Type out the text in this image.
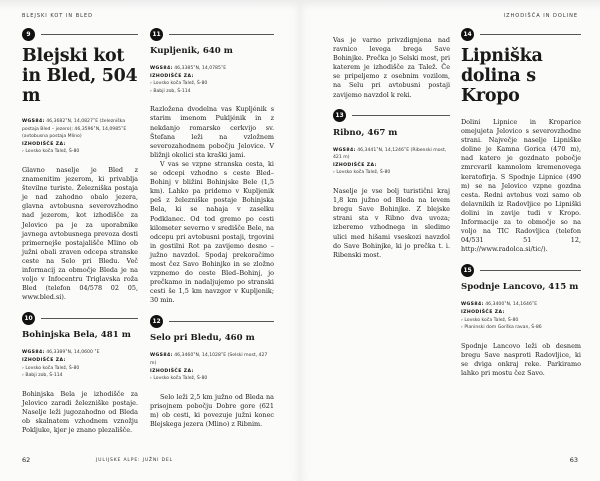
BLEJSKI KOT IN BLED	IZHODIŠČA IN DOLINE
9
Blejski kot in Bled, 504 m
WGS84: 46,3682˚N, 14,0827˚E (železniška postaja Bled – jezero); 46,3596˚N, 14,0985˚E (avtobusna postaja Mlino)
IZHODIŠČE ZA:
› Lovsko koča Talež, Š-80

Glavno naselje je Bled z znamenitim jezerom, ki privablja številne turiste. Železniška postaja je nad zahodno obalo jezera, glavna avtobusna severovzhodno nad jezerom, kot izhodišče za Jelovico pa je za uporabnike javnega avtobusnega prevoza dosti primernejše postajališče Mlino ob južni obali zraven odcepa stranske ceste na Selo pri Bledu. Več informacij za območje Bleda je na voljo v Infocentru Triglavska roža Bled (telefon 04/578 02 05, www.bled.si).

10
Bohinjska Bela, 481 m
WGS84: 46,3389˚N, 14,0600 ˚E
IZHODIŠČE ZA:
› Lovsko koča Talež, Š-80
› Babji zob, Š-114

Bohinjska Bela je izhodišče za Jelovico zaradi železniške postaje. Naselje leži jugozahodno od Bleda ob skalnatem vzhodnem vznožju Pokljuke, kjer je znano plezališče.

11
Kupljenik, 640 m
WGS84: 46,3385˚N, 14,0785˚E
IZHODIŠČE ZA:
› Lovsko koča Talež, Š-80
› Babji zob, Š-114

Razložena dvodelna vas Kupljénik s starim imenom Pukljénik in z nekdanjo romarsko cerkvijo sv. Štefana leži na vzložnem severozahodnem pobočju Jelovice. V bližnji okolici sta kraški jami.

V vas se vzpne stranska cesta, ki se odcepi vzhodno s ceste Bled–Bohinj v bližini Bohinjske Bele (1,5 km). Lahko pa pridemo v Kupljenik peš z železniške postaje Bohinjska Bela, ki se nahaja v zaselku Podklanec. Od tod gremo po cesti kilometer severno v središče Bele, na odcepu pri avtobusni postaji, trgovini in gostilni Rot pa zavijemo desno – južno navzdol. Spodaj prekoračimo most čez Savo Bohinjko in se zložno vzpnemo do ceste Bled–Bohinj, jo prečkamo in nadaljujemo po stranski cesti še 1,5 km navzgor v Kupljenik; 30 min.

12
Selo pri Bledu, 460 m
WGS84: 46,3460˚N, 14,1028˚E (Selski most, 427 m)
IZHODIŠČE ZA:
› Lovsko koča Talež, Š-80

Selo leži 2,5 km južno od Bleda na prisojnem pobočju Dobre gore (621 m) ob cesti, ki povezuje južni konec Blejskega jezera (Mlino) z Ribnim.

Vas je varno privzdignjena nad ravnico levega brega Save Bohinjke. Prečka jo Selski most, pri katerem je izhodišče za Talež. Če se pripeljemo z osebnim vozilom, na Selu pri avtobusni postaji zavijemo navzdol k reki.

13
Ribno, 467 m
WGS84: 46,3441˚N, 14,1246˚E (Ribenski most, 421 m)
IZHODIŠČE ZA:
› Lovsko koča Talež, Š-80

Naselje je vse bolj turistični kraj 1,8 km južno od Bleda na levem bregu Save Bohinjke. Z blejske strani sta v Ribno dva uvoza; izberemo vzhodnega in sledimo ulici med hišami vseskozi navzdol do Save Bohinjke, ki jo prečka t. i. Ribenski most.

14
Lipniška dolina s Kropo

Dolini Lipnice in Kroparice omejujeta Jelovico s severovzhodne strani. Največje naselje Lipniške doline je Kamna Gorica (470 m), nad katero je gozdnato pobočje zmrcvaril kamnolom kremenovega keratofirja. S Spodnje Lipnice (490 m) se na Jelovico vzpne gozdna cesta. Redni avtobus vozi samo ob delavnikih iz Radovljice po Lipniški dolini in zavije tudi v Kropo. Informacije za to območje so na voljo na TIC Radovljica (telefon 04/531 51 12, http://www.radolca.si/tic/).

15
Spodnje Lancovo, 415 m
WGS84: 46,3400˚N, 14,1646˚E
IZHODIŠČE ZA:
› Lovsko koča Talež, Š-80
› Planinski dom Gorška ravan, Š-86

Spodnje Lancovo leži ob desnem bregu Save nasproti Radovljice, ki se dviga onkraj reke. Parkiramo lahko pri mostu čez Savo.

62	JULIJSKE ALPE: JUŽNI DEL	63
